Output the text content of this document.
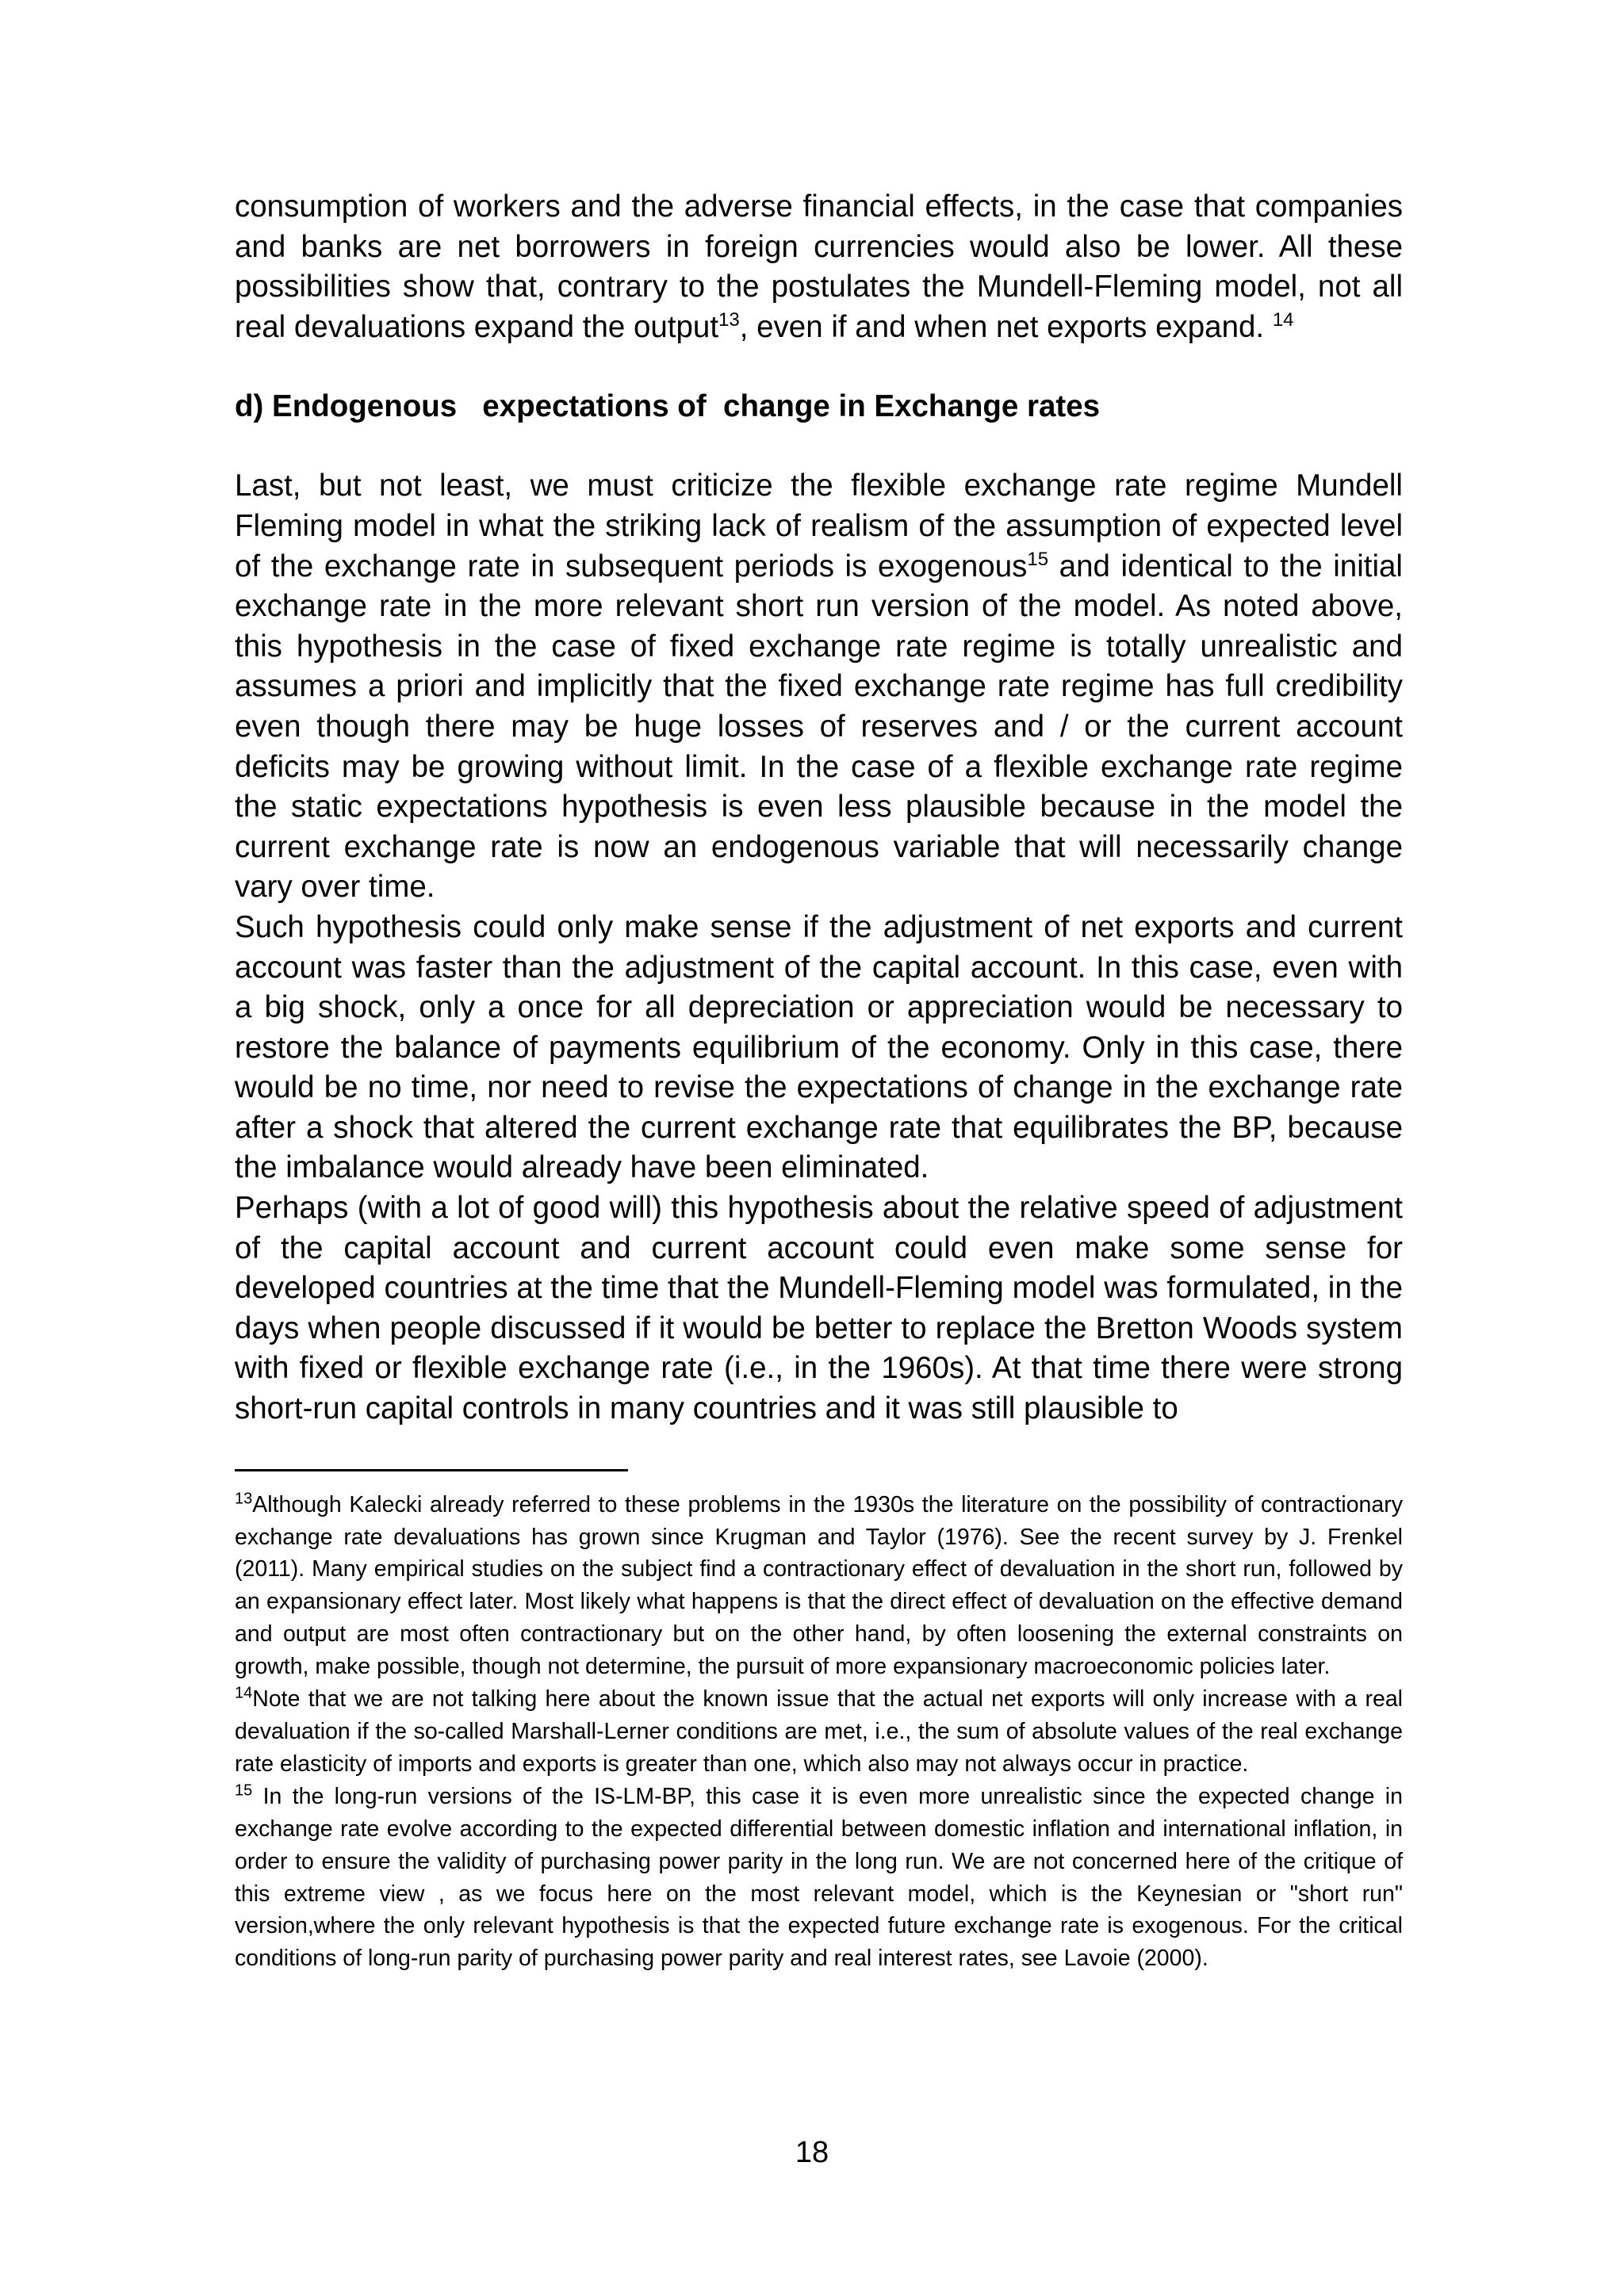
consumption of workers and the adverse financial effects, in the case that companies and banks are net borrowers in foreign currencies would also be lower. All these possibilities show that, contrary to the postulates the Mundell-Fleming model, not all real devaluations expand the output$^{13}$, even if and when net exports expand. $^{14}$

d) Endogenous   expectations of  change in Exchange rates

Last, but not least, we must criticize the flexible exchange rate regime Mundell Fleming model in what the striking lack of realism of the assumption of expected level of the exchange rate in subsequent periods is exogenous$^{15}$ and identical to the initial exchange rate in the more relevant short run version of the model. As noted above, this hypothesis in the case of fixed exchange rate regime is totally unrealistic and assumes a priori and implicitly that the fixed exchange rate regime has full credibility even though there may be huge losses of reserves and / or the current account deficits may be growing without limit. In the case of a flexible exchange rate regime the static expectations hypothesis is even less plausible because in the model the current exchange rate is now an endogenous variable that will necessarily change vary over time.

Such hypothesis could only make sense if the adjustment of net exports and current account was faster than the adjustment of the capital account. In this case, even with a big shock, only a once for all depreciation or appreciation would be necessary to restore the balance of payments equilibrium of the economy. Only in this case, there would be no time, nor need to revise the expectations of change in the exchange rate after a shock that altered the current exchange rate that equilibrates the BP, because the imbalance would already have been eliminated.

Perhaps (with a lot of good will) this hypothesis about the relative speed of adjustment of the capital account and current account could even make some sense for developed countries at the time that the Mundell-Fleming model was formulated, in the days when people discussed if it would be better to replace the Bretton Woods system with fixed or flexible exchange rate (i.e., in the 1960s). At that time there were strong short-run capital controls in many countries and it was still plausible to

$^{13}$Although Kalecki already referred to these problems in the 1930s the literature on the possibility of contractionary exchange rate devaluations has grown since Krugman and Taylor (1976). See the recent survey by J. Frenkel (2011). Many empirical studies on the subject find a contractionary effect of devaluation in the short run, followed by an expansionary effect later. Most likely what happens is that the direct effect of devaluation on the effective demand and output are most often contractionary but on the other hand, by often loosening the external constraints on growth, make possible, though not determine, the pursuit of more expansionary macroeconomic policies later.

$^{14}$Note that we are not talking here about the known issue that the actual net exports will only increase with a real devaluation if the so-called Marshall-Lerner conditions are met, i.e., the sum of absolute values of the real exchange rate elasticity of imports and exports is greater than one, which also may not always occur in practice.

$^{15}$ In the long-run versions of the IS-LM-BP, this case it is even more unrealistic since the expected change in exchange rate evolve according to the expected differential between domestic inflation and international inflation, in order to ensure the validity of purchasing power parity in the long run. We are not concerned here of the critique of this extreme view , as we focus here on the most relevant model, which is the Keynesian or "short run" version,where the only relevant hypothesis is that the expected future exchange rate is exogenous. For the critical conditions of long-run parity of purchasing power parity and real interest rates, see Lavoie (2000).

18
